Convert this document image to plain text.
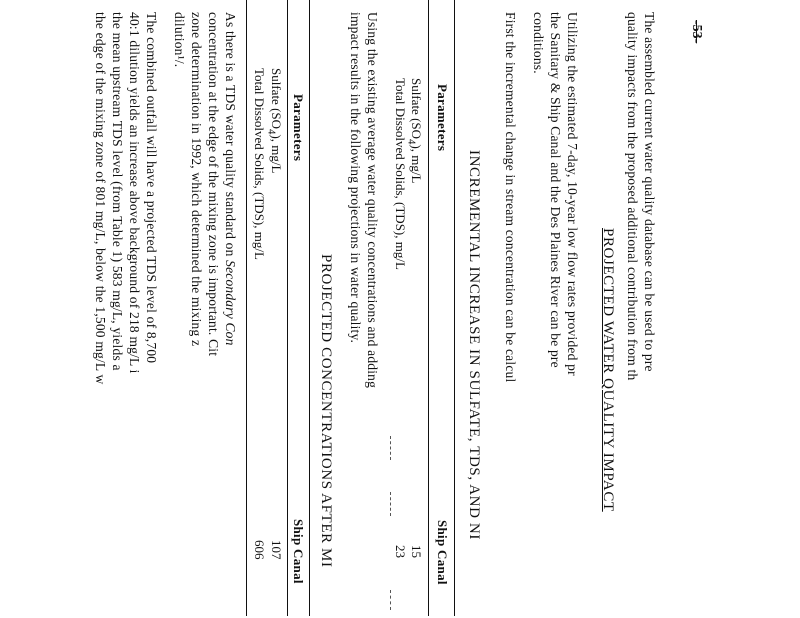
-53-
The assembled current water quality database can be used to pre
quality impacts from the proposed additional contribution from th
PROJECTED WATER QUALITY IMPACT
Utilizing the estimated 7-day, 10-year low flow rates provided pr
the Sanitary & Ship Canal and the Des Plaines River can be pre
conditions.
First the incremental change in stream concentration can be calcul
INCREMENTAL INCREASE IN SULFATE, TDS, AND NI
Parameters
Ship Canal
Sulfate $(SO_4)$, mg/L
15
Total Dissolved Solids, (TDS), mg/L
23
Using the existing average water quality concentrations and adding
impact results in the following projections in water quality.
PROJECTED CONCENTRATIONS AFTER MI
Parameters
Ship Canal
Sulfate $(SO_4)$, mg/L
107
Total Dissolved Solids, (TDS), mg/L
606
As there is a TDS water quality standard on Secondary Con
concentration at the edge of the mixing zone is important. Cit
zone determination in 1992, which determined the mixing z
dilution¹/.
The combined outfall will have a projected TDS level of 8,700
40:1 dilution yields an increase above background of 218 mg/L i
the mean upstream TDS level (from Table 1) 583 mg/L, yields a
the edge of the mixing zone of 801 mg/L, below the 1,500 mg/L w
